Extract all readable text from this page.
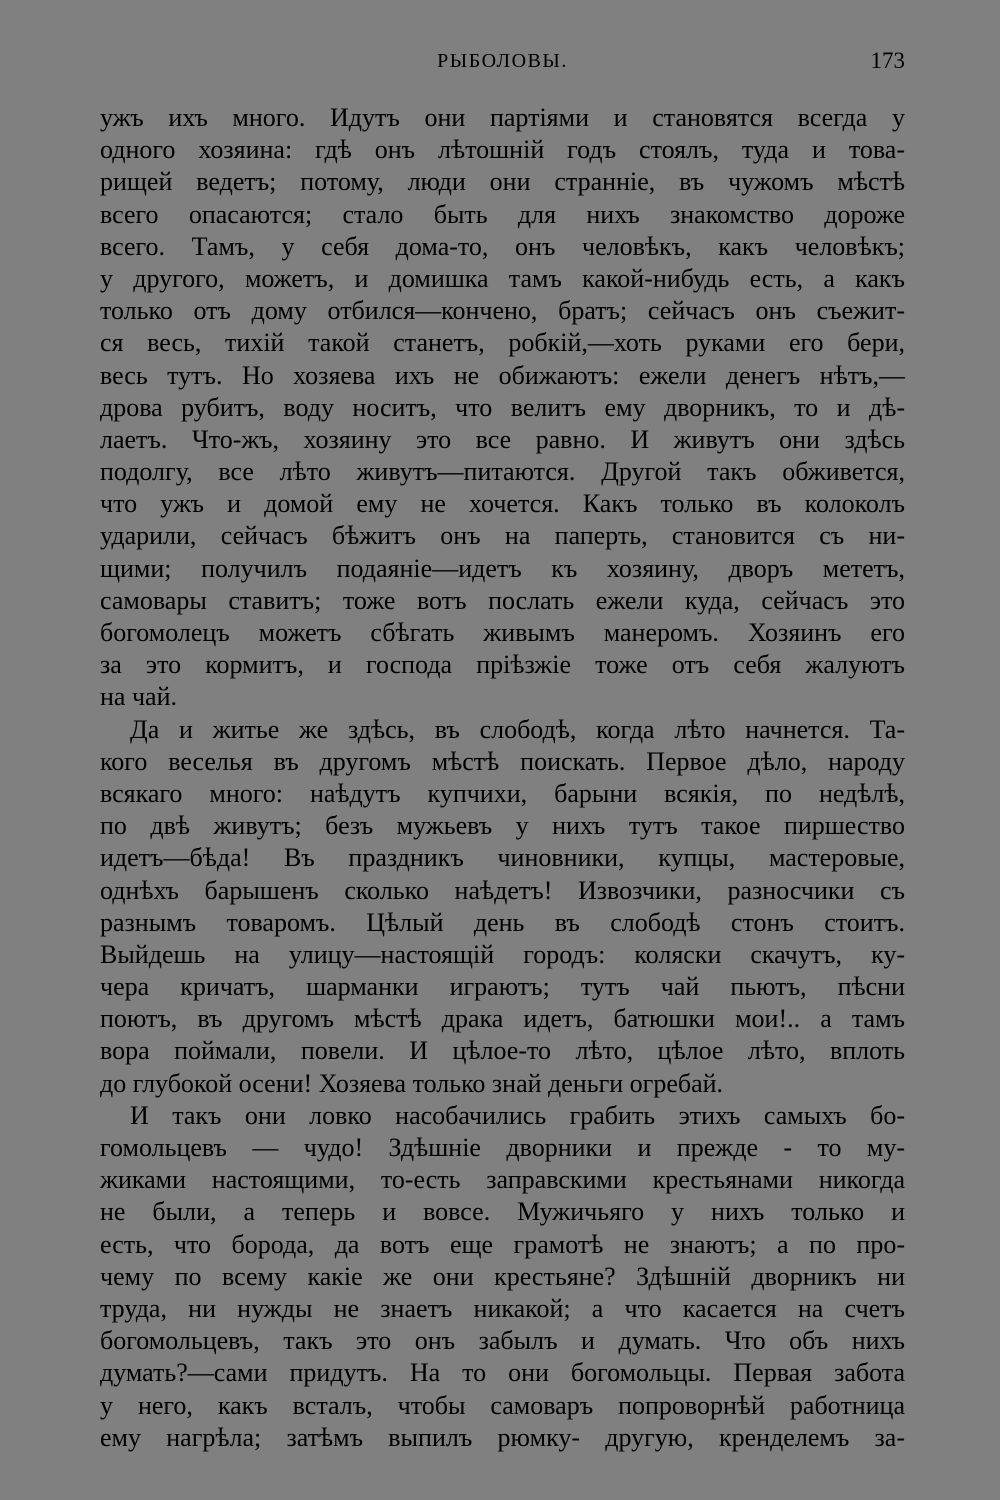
РЫБОЛОВЫ.	173
ужъ ихъ много. Идутъ они партіями и становятся всегда у
одного хозяина: гдѣ онъ лѣтошній годъ стоялъ, туда и това-
рищей ведетъ; потому, люди они странніе, въ чужомъ мѣстѣ
всего опасаются; стало быть для нихъ знакомство дороже
всего. Тамъ, у себя дома-то, онъ человѣкъ, какъ человѣкъ;
у другого, можетъ, и домишка тамъ какой-нибудь есть, а какъ
только отъ дому отбился—кончено, братъ; сейчасъ онъ съежит-
ся весь, тихій такой станетъ, робкій,—хоть руками его бери,
весь тутъ. Но хозяева ихъ не обижаютъ: ежели денегъ нѣтъ,—
дрова рубитъ, воду носитъ, что велитъ ему дворникъ, то и дѣ-
лаетъ. Что-жъ, хозяину это все равно. И живутъ они здѣсь
подолгу, все лѣто живутъ—питаются. Другой такъ обживется,
что ужъ и домой ему не хочется. Какъ только въ колоколъ
ударили, сейчасъ бѣжитъ онъ на паперть, становится съ ни-
щими; получилъ подаяніе—идетъ къ хозяину, дворъ мететъ,
самовары ставитъ; тоже вотъ послать ежели куда, сейчасъ это
богомолецъ можетъ сбѣгать живымъ манеромъ. Хозяинъ его
за это кормитъ, и господа пріѣзжіе тоже отъ себя жалуютъ
на чай.
Да и житье же здѣсь, въ слободѣ, когда лѣто начнется. Та-
кого веселья въ другомъ мѣстѣ поискать. Первое дѣло, народу
всякаго много: наѣдутъ купчихи, барыни всякія, по недѣлѣ,
по двѣ живутъ; безъ мужьевъ у нихъ тутъ такое пиршество
идетъ—бѣда! Въ праздникъ чиновники, купцы, мастеровые,
однѣхъ барышенъ сколько наѣдетъ! Извозчики, разносчики съ
разнымъ товаромъ. Цѣлый день въ слободѣ стонъ стоитъ.
Выйдешь на улицу—настоящій городъ: коляски скачутъ, ку-
чера кричатъ, шарманки играютъ; тутъ чай пьютъ, пѣсни
поютъ, въ другомъ мѣстѣ драка идетъ, батюшки мои!.. а тамъ
вора поймали, повели. И цѣлое-то лѣто, цѣлое лѣто, вплоть
до глубокой осени! Хозяева только знай деньги огребай.
И такъ они ловко насобачились грабить этихъ самыхъ бо-
гомольцевъ — чудо! Здѣшніе дворники и прежде - то му-
жиками настоящими, то-есть заправскими крестьянами никогда
не были, а теперь и вовсе. Мужичьяго у нихъ только и
есть, что борода, да вотъ еще грамотѣ не знаютъ; а по про-
чему по всему какіе же они крестьяне? Здѣшній дворникъ ни
труда, ни нужды не знаетъ никакой; а что касается на счетъ
богомольцевъ, такъ это онъ забылъ и думать. Что объ нихъ
думать?—сами придутъ. На то они богомольцы. Первая забота
у него, какъ всталъ, чтобы самоваръ попроворнѣй работница
ему нагрѣла; затѣмъ выпилъ рюмку- другую, кренделемъ за-
